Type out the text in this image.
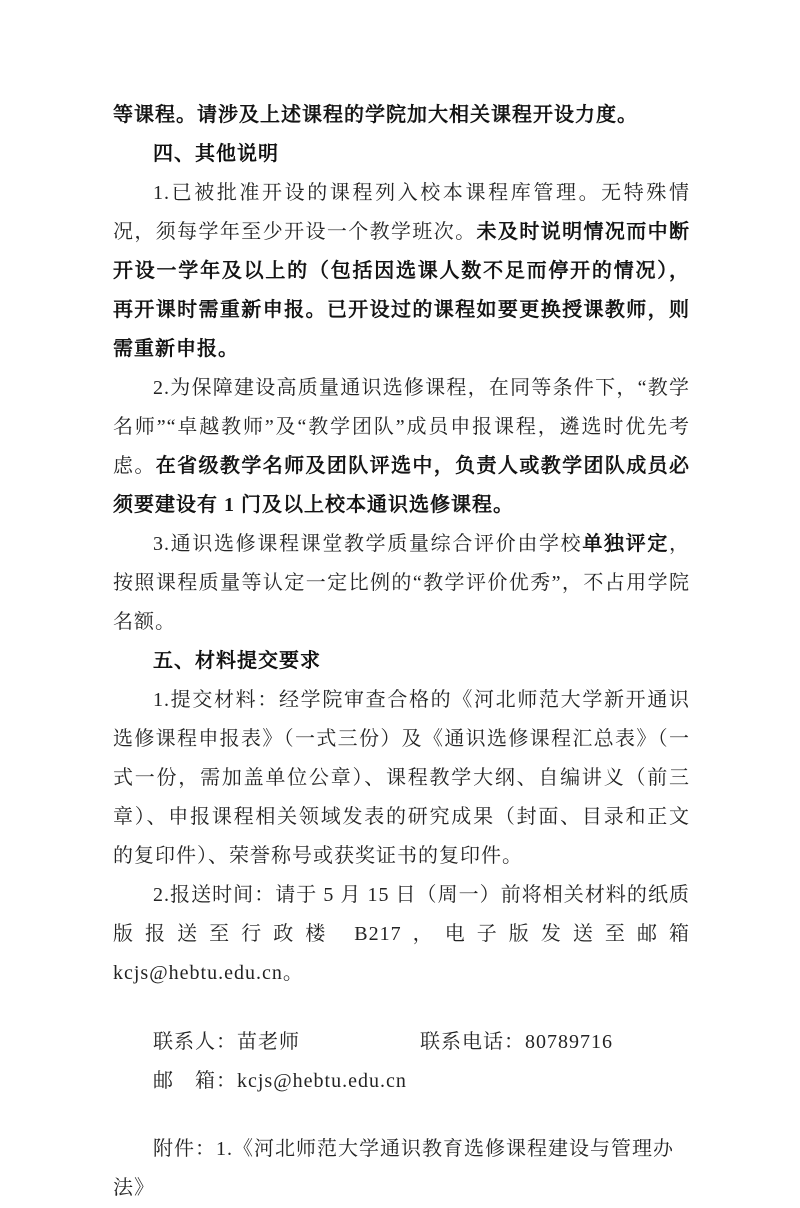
等课程。请涉及上述课程的学院加大相关课程开设力度。

四、其他说明

1.已被批准开设的课程列入校本课程库管理。无特殊情况，须每学年至少开设一个教学班次。未及时说明情况而中断开设一学年及以上的（包括因选课人数不足而停开的情况），再开课时需重新申报。已开设过的课程如要更换授课教师，则需重新申报。

2.为保障建设高质量通识选修课程，在同等条件下，“教学名师”“卓越教师”及“教学团队”成员申报课程，遴选时优先考虑。在省级教学名师及团队评选中，负责人或教学团队成员必须要建设有 1 门及以上校本通识选修课程。

3.通识选修课程课堂教学质量综合评价由学校单独评定，按照课程质量等认定一定比例的“教学评价优秀”，不占用学院名额。

五、材料提交要求

1.提交材料：经学院审查合格的《河北师范大学新开通识选修课程申报表》（一式三份）及《通识选修课程汇总表》（一式一份，需加盖单位公章）、课程教学大纲、自编讲义（前三章）、申报课程相关领域发表的研究成果（封面、目录和正文的复印件）、荣誉称号或获奖证书的复印件。

2.报送时间：请于 5 月 15 日（周一）前将相关材料的纸质版报送至行政楼 B217，电子版发送至邮箱 kcjs@hebtu.edu.cn。

联系人：苗老师	联系电话：80789716

邮　箱：kcjs@hebtu.edu.cn

附件：1.《河北师范大学通识教育选修课程建设与管理办法》
